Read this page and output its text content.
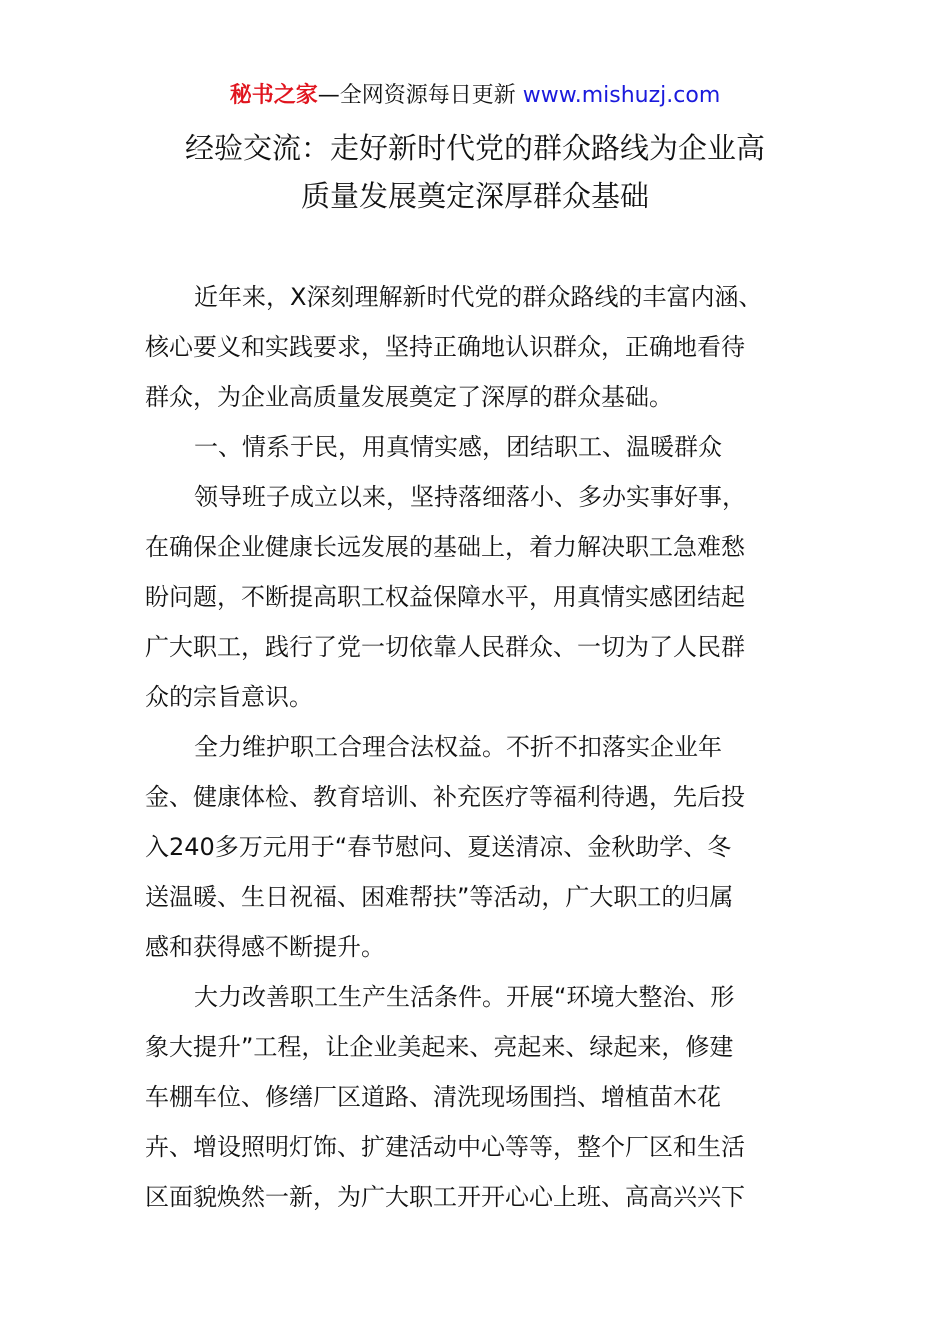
秘书之家—全网资源每日更新 www.mishuzj.com
经验交流：走好新时代党的群众路线为企业高
质量发展奠定深厚群众基础
近年来，X深刻理解新时代党的群众路线的丰富内涵、
核心要义和实践要求，坚持正确地认识群众，正确地看待
群众，为企业高质量发展奠定了深厚的群众基础。
一、情系于民，用真情实感，团结职工、温暖群众
领导班子成立以来，坚持落细落小、多办实事好事，
在确保企业健康长远发展的基础上，着力解决职工急难愁
盼问题，不断提高职工权益保障水平，用真情实感团结起
广大职工，践行了党一切依靠人民群众、一切为了人民群
众的宗旨意识。
全力维护职工合理合法权益。不折不扣落实企业年
金、健康体检、教育培训、补充医疗等福利待遇，先后投
入240多万元用于“春节慰问、夏送清凉、金秋助学、冬
送温暖、生日祝福、困难帮扶”等活动，广大职工的归属
感和获得感不断提升。
大力改善职工生产生活条件。开展“环境大整治、形
象大提升”工程，让企业美起来、亮起来、绿起来，修建
车棚车位、修缮厂区道路、清洗现场围挡、增植苗木花
卉、增设照明灯饰、扩建活动中心等等，整个厂区和生活
区面貌焕然一新，为广大职工开开心心上班、高高兴兴下
